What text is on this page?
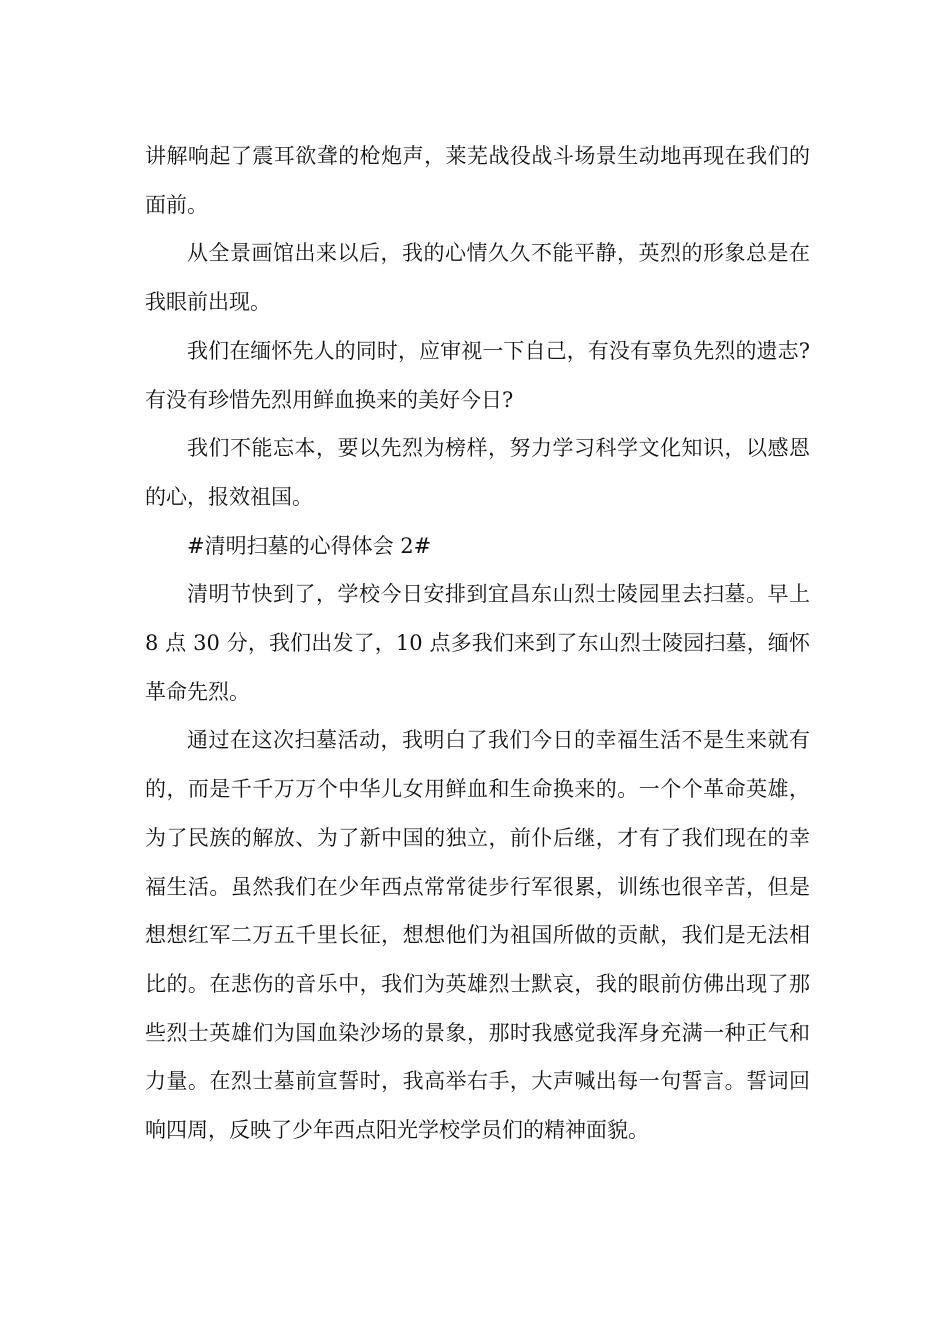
讲解响起了震耳欲聋的枪炮声，莱芜战役战斗场景生动地再现在我们的面前。

从全景画馆出来以后，我的心情久久不能平静，英烈的形象总是在我眼前出现。

我们在缅怀先人的同时，应审视一下自己，有没有辜负先烈的遗志?有没有珍惜先烈用鲜血换来的美好今日?

我们不能忘本，要以先烈为榜样，努力学习科学文化知识，以感恩的心，报效祖国。

#清明扫墓的心得体会 2#

清明节快到了，学校今日安排到宜昌东山烈士陵园里去扫墓。早上 8 点 30 分，我们出发了，10 点多我们来到了东山烈士陵园扫墓，缅怀革命先烈。

通过在这次扫墓活动，我明白了我们今日的幸福生活不是生来就有的，而是千千万万个中华儿女用鲜血和生命换来的。一个个革命英雄，为了民族的解放、为了新中国的独立，前仆后继，才有了我们现在的幸福生活。虽然我们在少年西点常常徒步行军很累，训练也很辛苦，但是想想红军二万五千里长征，想想他们为祖国所做的贡献，我们是无法相比的。在悲伤的音乐中，我们为英雄烈士默哀，我的眼前仿佛出现了那些烈士英雄们为国血染沙场的景象，那时我感觉我浑身充满一种正气和力量。在烈士墓前宣誓时，我高举右手，大声喊出每一句誓言。誓词回响四周，反映了少年西点阳光学校学员们的精神面貌。
